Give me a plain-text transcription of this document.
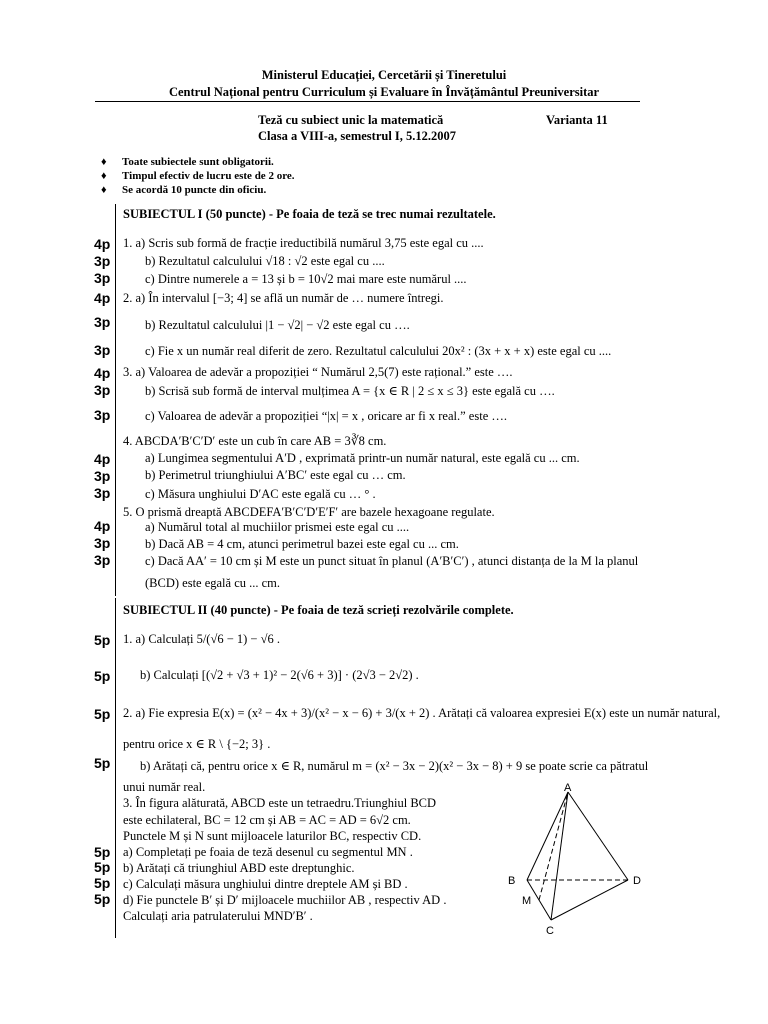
Ministerul Educației, Cercetării și Tineretului
Centrul Național pentru Curriculum și Evaluare în Învățământul Preuniversitar
Teză cu subiect unic la matematică	Varianta 11
Clasa a VIII-a, semestrul I, 5.12.2007
♦ Toate subiectele sunt obligatorii.
♦ Timpul efectiv de lucru este de 2 ore.
♦ Se acordă 10 puncte din oficiu.
SUBIECTUL I (50 puncte) - Pe foaia de teză se trec numai rezultatele.
4p
3p
3p
4p
3p
3p
4p
3p
3p
4p
3p
3p
4p
3p
3p
1. a) Scris sub formă de fracție ireductibilă numărul 3,75 este egal cu ....
b) Rezultatul calculului √18 : √2 este egal cu ....
c) Dintre numerele a = 13 și b = 10√2 mai mare este numărul ....
2. a) În intervalul [−3; 4] se află un număr de … numere întregi.
b) Rezultatul calculului |1 − √2| − √2 este egal cu ….
c) Fie x un număr real diferit de zero. Rezultatul calculului 20x² : (3x + x + x) este egal cu ....
3. a) Valoarea de adevăr a propoziției “ Numărul 2,5(7) este rațional.” este ….
b) Scrisă sub formă de interval mulțimea A = {x ∈ R | 2 ≤ x ≤ 3} este egală cu ….
c) Valoarea de adevăr a propoziției “|x| = x , oricare ar fi x real.” este ….
4. ABCDA′B′C′D′ este un cub în care AB = 3∛8 cm.
a) Lungimea segmentului A′D , exprimată printr-un număr natural, este egală cu ... cm.
b) Perimetrul triunghiului A′BC′ este egal cu … cm.
c) Măsura unghiului D′AC este egală cu … ° .
5. O prismă dreaptă ABCDEFA′B′C′D′E′F′ are bazele hexagoane regulate.
a) Numărul total al muchiilor prismei este egal cu ....
b) Dacă AB = 4 cm, atunci perimetrul bazei este egal cu ... cm.
c) Dacă AA′ = 10 cm și M este un punct situat în planul (A′B′C′) , atunci distanța de la M la planul
(BCD) este egală cu ... cm.
SUBIECTUL II (40 puncte) - Pe foaia de teză scrieți rezolvările complete.
5p
5p
5p
5p
5p
5p
5p
5p
1. a) Calculați 5/(√6 − 1) − √6 .
b) Calculați [(√2 + √3 + 1)² − 2(√6 + 3)] · (2√3 − 2√2) .
2. a) Fie expresia E(x) = (x² − 4x + 3)/(x² − x − 6) + 3/(x + 2) . Arătați că valoarea expresiei E(x) este un număr natural,
pentru orice x ∈ R \ {−2; 3} .
b) Arătați că, pentru orice x ∈ R, numărul m = (x² − 3x − 2)(x² − 3x − 8) + 9 se poate scrie ca pătratul
unui număr real.
3. În figura alăturată, ABCD este un tetraedru.Triunghiul BCD
este echilateral, BC = 12 cm și AB = AC = AD = 6√2 cm.
Punctele M și N sunt mijloacele laturilor BC, respectiv CD.
a) Completați pe foaia de teză desenul cu segmentul MN .
b) Arătați că triunghiul ABD este dreptunghic.
c) Calculați măsura unghiului dintre dreptele AM și BD .
d) Fie punctele B′ și D′ mijloacele muchiilor AB , respectiv AD .
Calculați aria patrulaterului MND′B′ .
A
B	D
M
C
